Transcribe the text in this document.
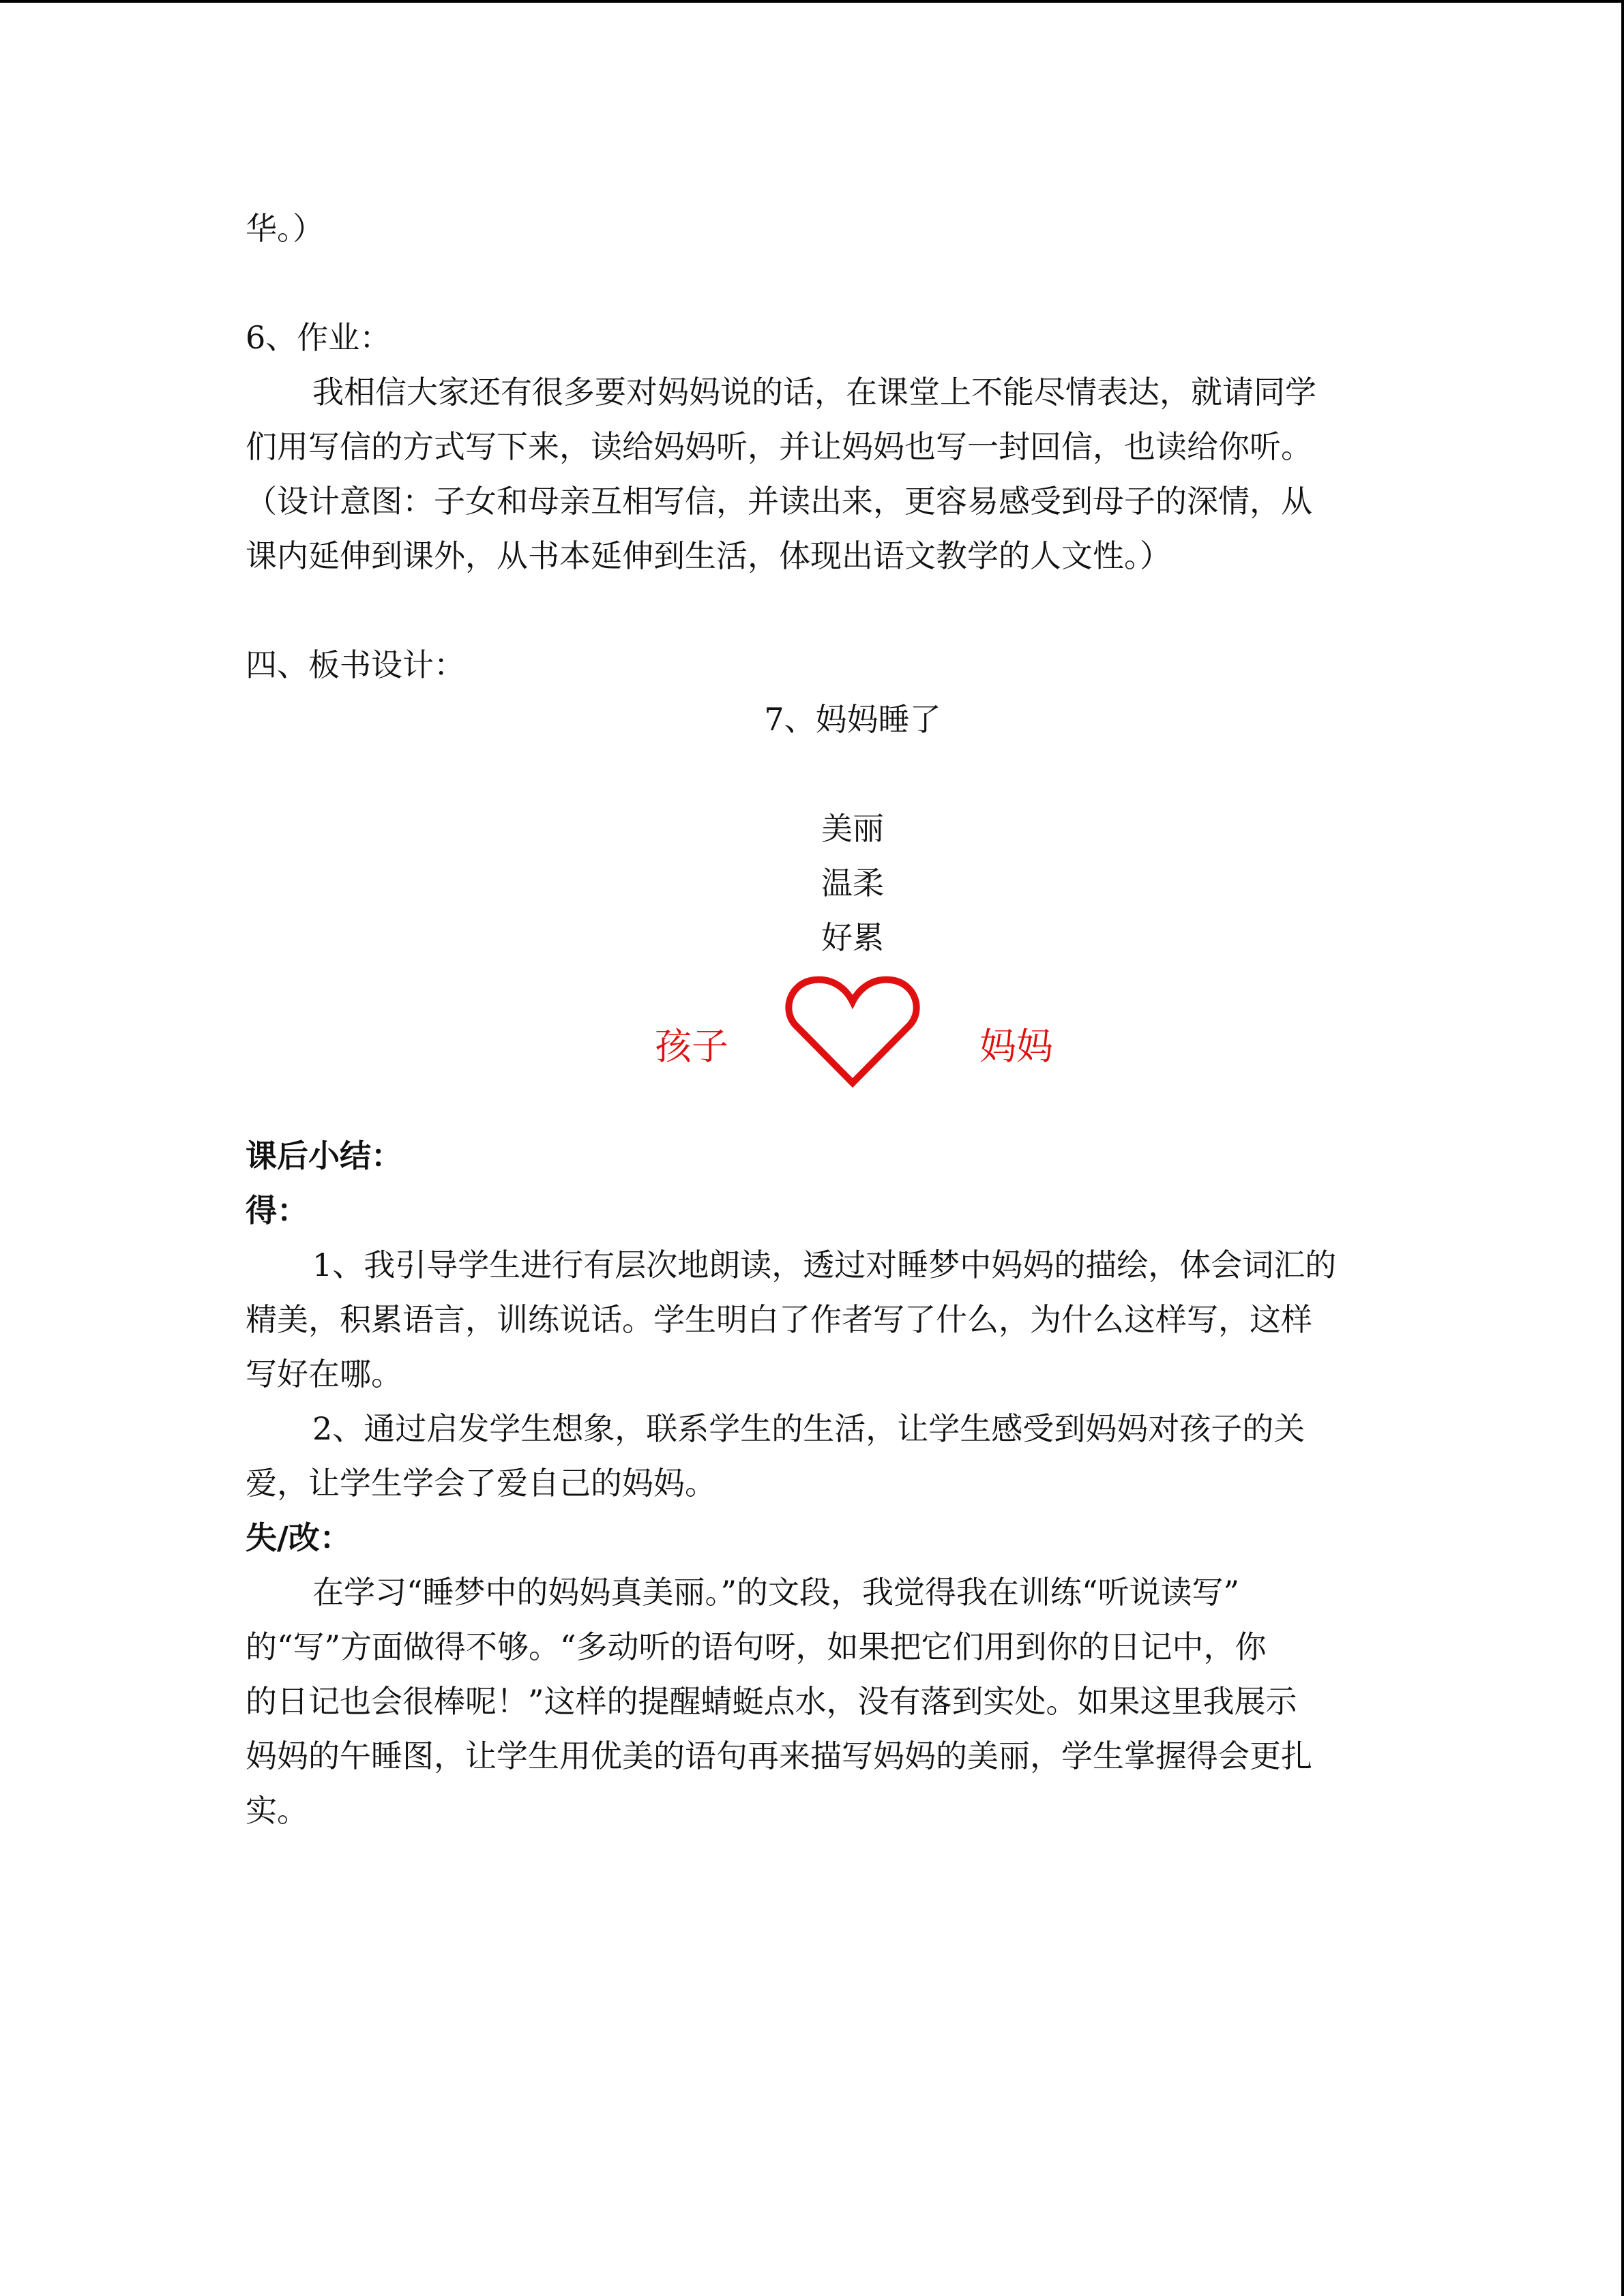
华。）
6、作业：
我相信大家还有很多要对妈妈说的话，在课堂上不能尽情表达，就请同学
们用写信的方式写下来，读给妈妈听，并让妈妈也写一封回信，也读给你听。
（设计意图：子女和母亲互相写信，并读出来，更容易感受到母子的深情，从
课内延伸到课外，从书本延伸到生活，体现出语文教学的人文性。）
四、板书设计：
7、妈妈睡了
美丽
温柔
好累
孩子	妈妈
课后小结：
得：
1、我引导学生进行有层次地朗读，透过对睡梦中妈妈的描绘，体会词汇的
精美，积累语言，训练说话。学生明白了作者写了什么，为什么这样写，这样
写好在哪。
2、通过启发学生想象，联系学生的生活，让学生感受到妈妈对孩子的关
爱，让学生学会了爱自己的妈妈。
失/改：
在学习“睡梦中的妈妈真美丽。”的文段，我觉得我在训练“听说读写”
的“写”方面做得不够。“多动听的语句呀，如果把它们用到你的日记中，你
的日记也会很棒呢！”这样的提醒蜻蜓点水，没有落到实处。如果这里我展示
妈妈的午睡图，让学生用优美的语句再来描写妈妈的美丽，学生掌握得会更扎
实。
